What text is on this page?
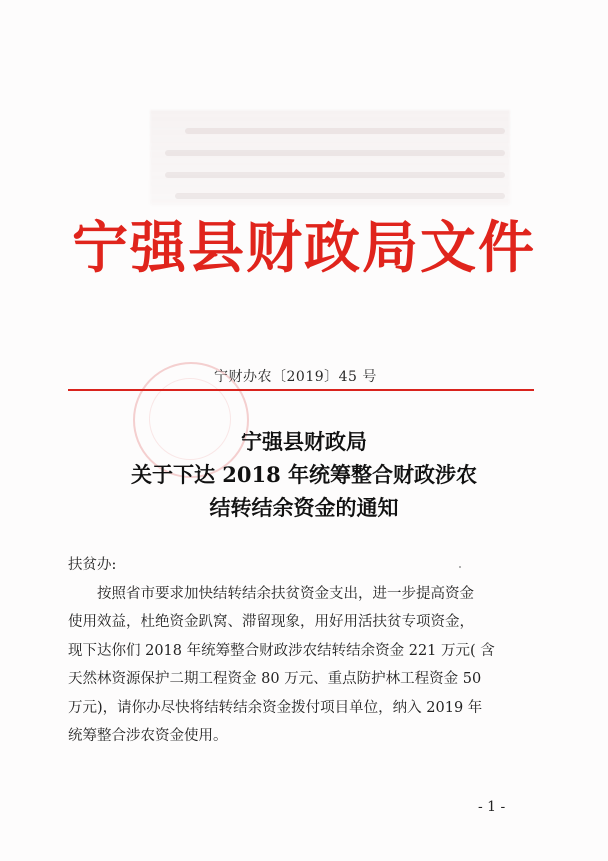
宁强县财政局文件
宁财办农〔2019〕45 号
宁强县财政局
关于下达 2018 年统筹整合财政涉农
结转结余资金的通知
扶贫办:
按照省市要求加快结转结余扶贫资金支出，进一步提高资金
使用效益，杜绝资金趴窝、滞留现象，用好用活扶贫专项资金，
现下达你们 2018 年统筹整合财政涉农结转结余资金 221 万元( 含
天然林资源保护二期工程资金 80 万元、重点防护林工程资金 50
万元)，请你办尽快将结转结余资金拨付项目单位，纳入 2019 年
统筹整合涉农资金使用。
- 1 -
